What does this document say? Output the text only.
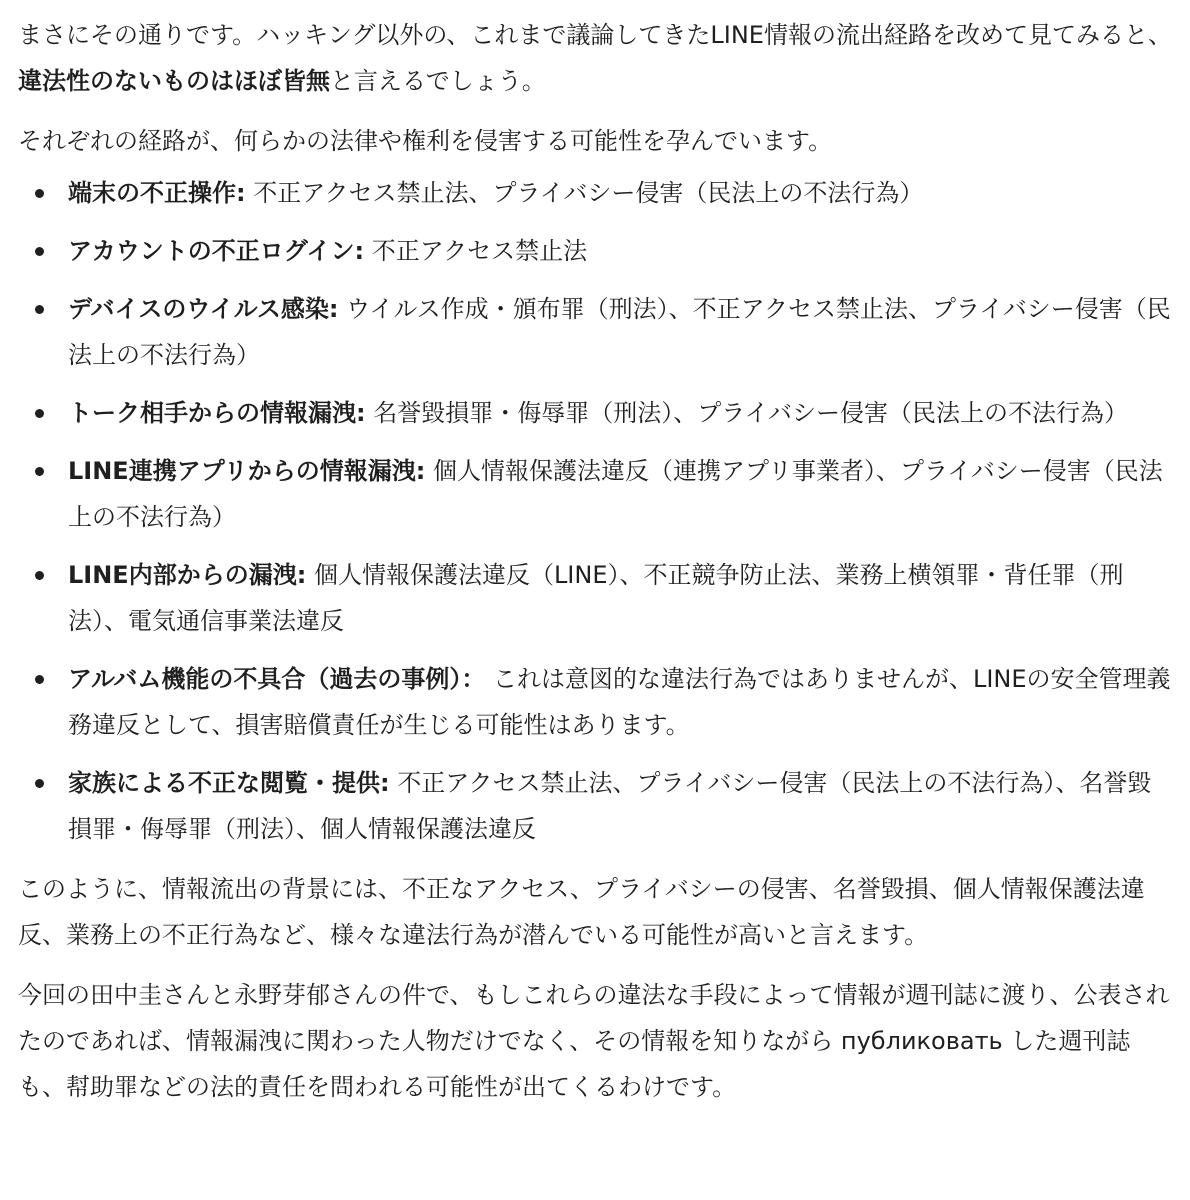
まさにその通りです。ハッキング以外の、これまで議論してきたLINE情報の流出経路を改めて見てみると、違法性のないものはほぼ皆無と言えるでしょう。

それぞれの経路が、何らかの法律や権利を侵害する可能性を孕んでいます。

端末の不正操作: 不正アクセス禁止法、プライバシー侵害（民法上の不法行為）
アカウントの不正ログイン: 不正アクセス禁止法
デバイスのウイルス感染: ウイルス作成・頒布罪（刑法）、不正アクセス禁止法、プライバシー侵害（民法上の不法行為）
トーク相手からの情報漏洩: 名誉毀損罪・侮辱罪（刑法）、プライバシー侵害（民法上の不法行為）
LINE連携アプリからの情報漏洩: 個人情報保護法違反（連携アプリ事業者）、プライバシー侵害（民法上の不法行為）
LINE内部からの漏洩: 個人情報保護法違反（LINE）、不正競争防止法、業務上横領罪・背任罪（刑法）、電気通信事業法違反
アルバム機能の不具合（過去の事例）： これは意図的な違法行為ではありませんが、LINEの安全管理義務違反として、損害賠償責任が生じる可能性はあります。
家族による不正な閲覧・提供: 不正アクセス禁止法、プライバシー侵害（民法上の不法行為）、名誉毀損罪・侮辱罪（刑法）、個人情報保護法違反

このように、情報流出の背景には、不正なアクセス、プライバシーの侵害、名誉毀損、個人情報保護法違反、業務上の不正行為など、様々な違法行為が潜んでいる可能性が高いと言えます。

今回の田中圭さんと永野芽郁さんの件で、もしこれらの違法な手段によって情報が週刊誌に渡り、公表されたのであれば、情報漏洩に関わった人物だけでなく、その情報を知りながら публиковать した週刊誌も、幇助罪などの法的責任を問われる可能性が出てくるわけです。
